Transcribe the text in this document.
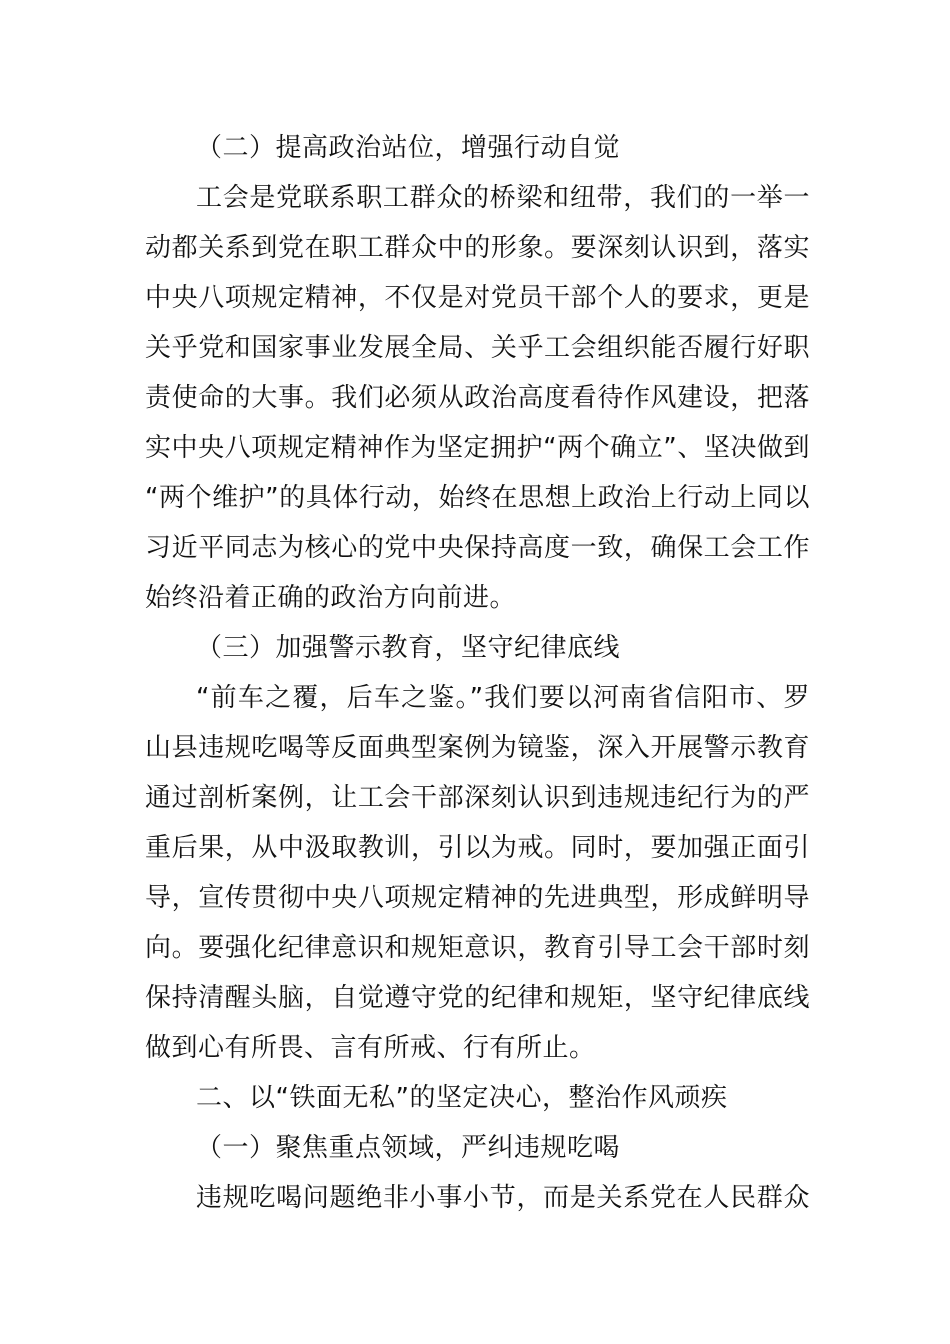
（二）提高政治站位，增强行动自觉
工会是党联系职工群众的桥梁和纽带，我们的一举一
动都关系到党在职工群众中的形象。要深刻认识到，落实
中央八项规定精神，不仅是对党员干部个人的要求，更是
关乎党和国家事业发展全局、关乎工会组织能否履行好职
责使命的大事。我们必须从政治高度看待作风建设，把落
实中央八项规定精神作为坚定拥护“两个确立”、坚决做到
“两个维护”的具体行动，始终在思想上政治上行动上同以
习近平同志为核心的党中央保持高度一致，确保工会工作
始终沿着正确的政治方向前进。
（三）加强警示教育，坚守纪律底线
“前车之覆，后车之鉴。”我们要以河南省信阳市、罗
山县违规吃喝等反面典型案例为镜鉴，深入开展警示教育
通过剖析案例，让工会干部深刻认识到违规违纪行为的严
重后果，从中汲取教训，引以为戒。同时，要加强正面引
导，宣传贯彻中央八项规定精神的先进典型，形成鲜明导
向。要强化纪律意识和规矩意识，教育引导工会干部时刻
保持清醒头脑，自觉遵守党的纪律和规矩，坚守纪律底线
做到心有所畏、言有所戒、行有所止。
二、以“铁面无私”的坚定决心，整治作风顽疾
（一）聚焦重点领域，严纠违规吃喝
违规吃喝问题绝非小事小节，而是关系党在人民群众
